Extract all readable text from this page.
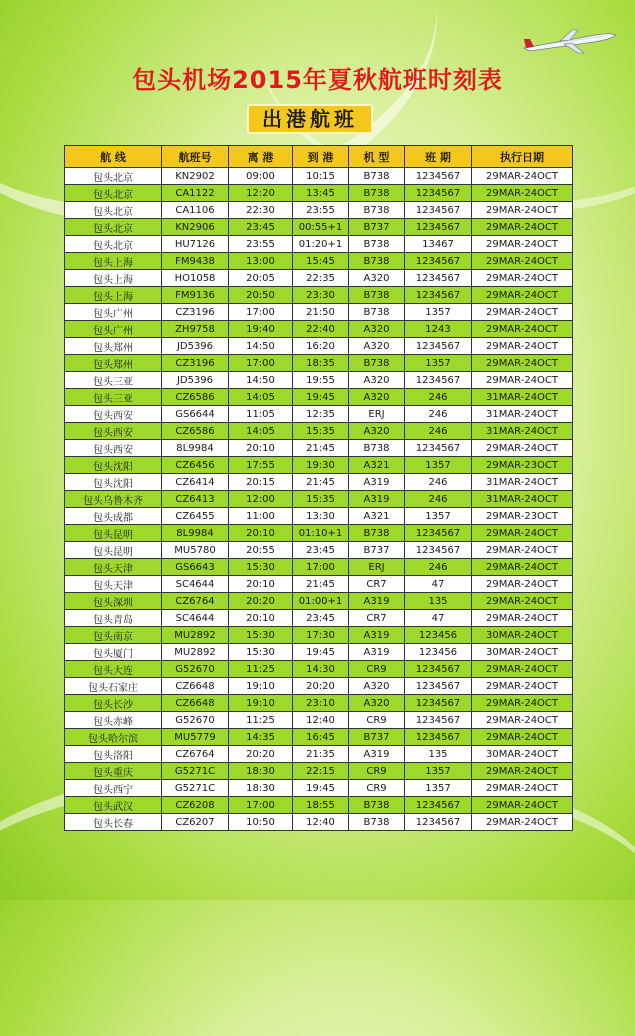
包头机场2015年夏秋航班时刻表
出港航班
航 线	航班号	离 港	到 港	机 型	班 期	执行日期
包头北京	KN2902	09:00	10:15	B738	1234567	29MAR-24OCT
包头北京	CA1122	12:20	13:45	B738	1234567	29MAR-24OCT
包头北京	CA1106	22:30	23:55	B738	1234567	29MAR-24OCT
包头北京	KN2906	23:45	00:55+1	B737	1234567	29MAR-24OCT
包头北京	HU7126	23:55	01:20+1	B738	13467	29MAR-24OCT
包头上海	FM9438	13:00	15:45	B738	1234567	29MAR-24OCT
包头上海	HO1058	20:05	22:35	A320	1234567	29MAR-24OCT
包头上海	FM9136	20:50	23:30	B738	1234567	29MAR-24OCT
包头广州	CZ3196	17:00	21:50	B738	1357	29MAR-24OCT
包头广州	ZH9758	19:40	22:40	A320	1243	29MAR-24OCT
包头郑州	JD5396	14:50	16:20	A320	1234567	29MAR-24OCT
包头郑州	CZ3196	17:00	18:35	B738	1357	29MAR-24OCT
包头三亚	JD5396	14:50	19:55	A320	1234567	29MAR-24OCT
包头三亚	CZ6586	14:05	19:45	A320	246	31MAR-24OCT
包头西安	GS6644	11:05	12:35	ERJ	246	31MAR-24OCT
包头西安	CZ6586	14:05	15:35	A320	246	31MAR-24OCT
包头西安	8L9984	20:10	21:45	B738	1234567	29MAR-24OCT
包头沈阳	CZ6456	17:55	19:30	A321	1357	29MAR-23OCT
包头沈阳	CZ6414	20:15	21:45	A319	246	31MAR-24OCT
包头乌鲁木齐	CZ6413	12:00	15:35	A319	246	31MAR-24OCT
包头成都	CZ6455	11:00	13:30	A321	1357	29MAR-23OCT
包头昆明	8L9984	20:10	01:10+1	B738	1234567	29MAR-24OCT
包头昆明	MU5780	20:55	23:45	B737	1234567	29MAR-24OCT
包头天津	GS6643	15:30	17:00	ERJ	246	29MAR-24OCT
包头天津	SC4644	20:10	21:45	CR7	47	29MAR-24OCT
包头深圳	CZ6764	20:20	01:00+1	A319	135	29MAR-24OCT
包头青岛	SC4644	20:10	23:45	CR7	47	29MAR-24OCT
包头南京	MU2892	15:30	17:30	A319	123456	30MAR-24OCT
包头厦门	MU2892	15:30	19:45	A319	123456	30MAR-24OCT
包头大连	G52670	11:25	14:30	CR9	1234567	29MAR-24OCT
包头石家庄	CZ6648	19:10	20:20	A320	1234567	29MAR-24OCT
包头长沙	CZ6648	19:10	23:10	A320	1234567	29MAR-24OCT
包头赤峰	G52670	11:25	12:40	CR9	1234567	29MAR-24OCT
包头哈尔滨	MU5779	14:35	16:45	B737	1234567	29MAR-24OCT
包头洛阳	CZ6764	20:20	21:35	A319	135	30MAR-24OCT
包头重庆	G5271C	18:30	22:15	CR9	1357	29MAR-24OCT
包头西宁	G5271C	18:30	19:45	CR9	1357	29MAR-24OCT
包头武汉	CZ6208	17:00	18:55	B738	1234567	29MAR-24OCT
包头长春	CZ6207	10:50	12:40	B738	1234567	29MAR-24OCT
